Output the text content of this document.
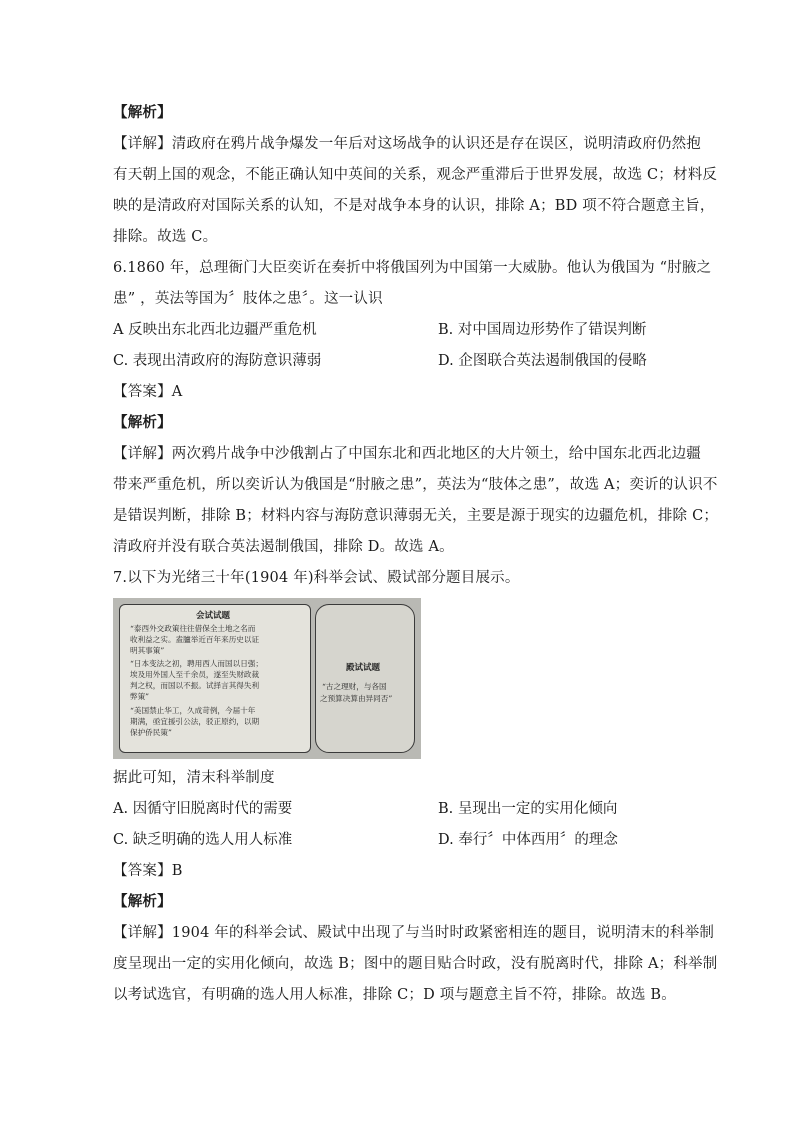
【解析】
【详解】清政府在鸦片战争爆发一年后对这场战争的认识还是存在误区，说明清政府仍然抱
有天朝上国的观念，不能正确认知中英间的关系，观念严重滞后于世界发展，故选 C；材料反
映的是清政府对国际关系的认知，不是对战争本身的认识，排除 A；BD 项不符合题意主旨，
排除。故选 C。
6.1860 年，总理衙门大臣奕䜣在奏折中将俄国列为中国第一大威胁。他认为俄国为 “肘腋之
患” ，英法等国为〞肢体之患〞。这一认识
A 反映出东北西北边疆严重危机	B. 对中国周边形势作了错误判断
C. 表现出清政府的海防意识薄弱	D. 企图联合英法遏制俄国的侵略
【答案】A
【解析】
【详解】两次鸦片战争中沙俄割占了中国东北和西北地区的大片领土，给中国东北西北边疆
带来严重危机，所以奕䜣认为俄国是“肘腋之患”，英法为“肢体之患”，故选 A；奕䜣的认识不
是错误判断，排除 B；材料内容与海防意识薄弱无关，主要是源于现实的边疆危机，排除 C；
清政府并没有联合英法遏制俄国，排除 D。故选 A。
7.以下为光绪三十年(1904 年)科举会试、殿试部分题目展示。
会试试题
“泰西外交政策往往借保全土地之名而
收利益之实。盍臚举近百年来历史以证
明其事策”
“日本变法之初，聘用西人而国以日强；
埃及用外国人至千余员，遂至失财政裁
判之权，而国以不振。试择言其得失利
弊策”
“美国禁止华工，久成苛例，今届十年
期满，亟宜援引公法，驳正原约，以期
保护侨民策”
殿试试题
“古之理财，与各国
之预算决算由异同否”
据此可知，清末科举制度
A. 因循守旧脱离时代的需要	B. 呈现出一定的实用化倾向
C. 缺乏明确的选人用人标准	D. 奉行〞中体西用〞的理念
【答案】B
【解析】
【详解】1904 年的科举会试、殿试中出现了与当时时政紧密相连的题目，说明清末的科举制
度呈现出一定的实用化倾向，故选 B；图中的题目贴合时政，没有脱离时代，排除 A；科举制
以考试选官，有明确的选人用人标准，排除 C；D 项与题意主旨不符，排除。故选 B。
